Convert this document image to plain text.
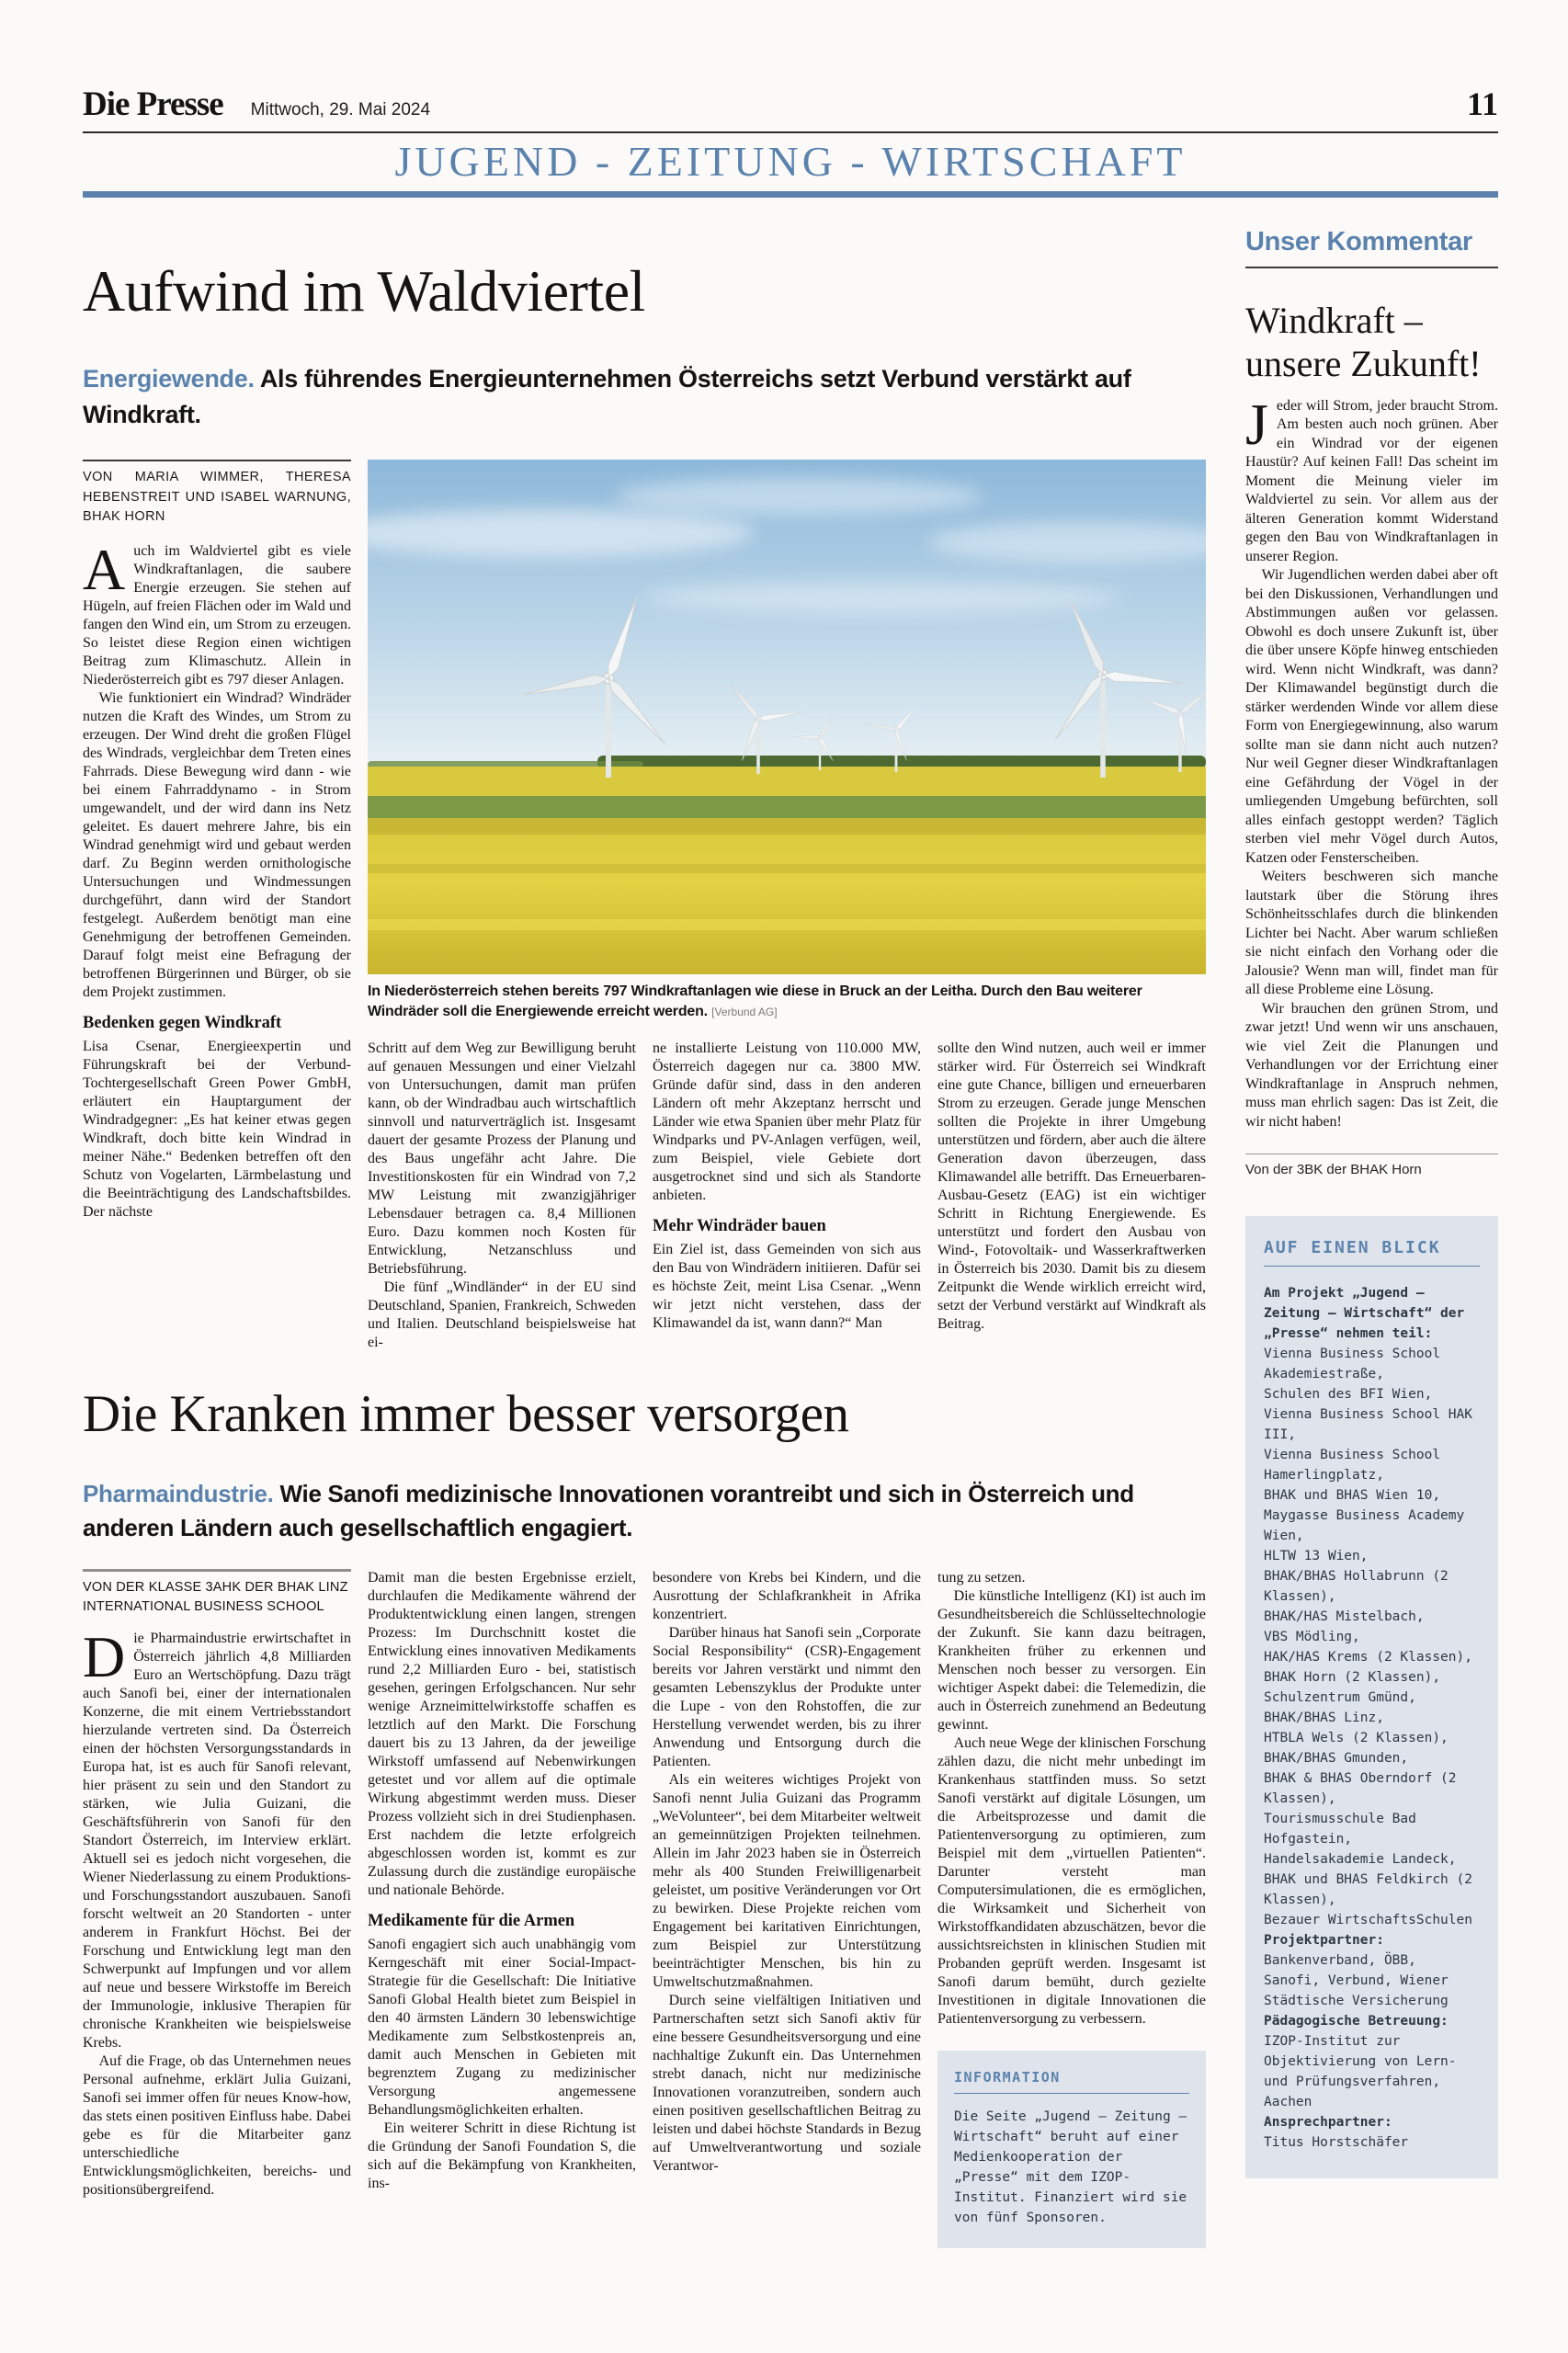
Die Presse Mittwoch, 29. Mai 2024	11
JUGEND - ZEITUNG - WIRTSCHAFT
Aufwind im Waldviertel

Energiewende. Als führendes Energieunternehmen Österreichs setzt Verbund verstärkt auf Windkraft.

VON MARIA WIMMER, THERESA HEBENSTREIT UND ISABEL WARNUNG, BHAK HORN

Auch im Waldviertel gibt es viele Windkraftanlagen, die saubere Energie erzeugen. Sie stehen auf Hügeln, auf freien Flächen oder im Wald und fangen den Wind ein, um Strom zu erzeugen. So leistet diese Region einen wichtigen Beitrag zum Klimaschutz. Allein in Niederösterreich gibt es 797 dieser Anlagen.

Wie funktioniert ein Windrad? Windräder nutzen die Kraft des Windes, um Strom zu erzeugen. Der Wind dreht die großen Flügel des Windrads, vergleichbar dem Treten eines Fahrrads. Diese Bewegung wird dann - wie bei einem Fahrraddynamo - in Strom umgewandelt, und der wird dann ins Netz geleitet. Es dauert mehrere Jahre, bis ein Windrad genehmigt wird und gebaut werden darf. Zu Beginn werden ornithologische Untersuchungen und Windmessungen durchgeführt, dann wird der Standort festgelegt. Außerdem benötigt man eine Genehmigung der betroffenen Gemeinden. Darauf folgt meist eine Befragung der betroffenen Bürgerinnen und Bürger, ob sie dem Projekt zustimmen.

Bedenken gegen Windkraft

Lisa Csenar, Energieexpertin und Führungskraft bei der Verbund-Tochtergesellschaft Green Power GmbH, erläutert ein Hauptargument der Windradgegner: „Es hat keiner etwas gegen Windkraft, doch bitte kein Windrad in meiner Nähe.“ Bedenken betreffen oft den Schutz von Vogelarten, Lärmbelastung und die Beeinträchtigung des Landschaftsbildes. Der nächste

In Niederösterreich stehen bereits 797 Windkraftanlagen wie diese in Bruck an der Leitha. Durch den Bau weiterer Windräder soll die Energiewende erreicht werden. [Verbund AG]

Schritt auf dem Weg zur Bewilligung beruht auf genauen Messungen und einer Vielzahl von Untersuchungen, damit man prüfen kann, ob der Windradbau auch wirtschaftlich sinnvoll und naturverträglich ist. Insgesamt dauert der gesamte Prozess der Planung und des Baus ungefähr acht Jahre. Die Investitionskosten für ein Windrad von 7,2 MW Leistung mit zwanzigjähriger Lebensdauer betragen ca. 8,4 Millionen Euro. Dazu kommen noch Kosten für Entwicklung, Netzanschluss und Betriebsführung.

Die fünf „Windländer“ in der EU sind Deutschland, Spanien, Frankreich, Schweden und Italien. Deutschland beispielsweise hat ei-

ne installierte Leistung von 110.000 MW, Österreich dagegen nur ca. 3800 MW. Gründe dafür sind, dass in den anderen Ländern oft mehr Akzeptanz herrscht und Länder wie etwa Spanien über mehr Platz für Windparks und PV-Anlagen verfügen, weil, zum Beispiel, viele Gebiete dort ausgetrocknet sind und sich als Standorte anbieten.

Mehr Windräder bauen

Ein Ziel ist, dass Gemeinden von sich aus den Bau von Windrädern initiieren. Dafür sei es höchste Zeit, meint Lisa Csenar. „Wenn wir jetzt nicht verstehen, dass der Klimawandel da ist, wann dann?“ Man

sollte den Wind nutzen, auch weil er immer stärker wird. Für Österreich sei Windkraft eine gute Chance, billigen und erneuerbaren Strom zu erzeugen. Gerade junge Menschen sollten die Projekte in ihrer Umgebung unterstützen und fördern, aber auch die ältere Generation davon überzeugen, dass Klimawandel alle betrifft. Das Erneuerbaren-Ausbau-Gesetz (EAG) ist ein wichtiger Schritt in Richtung Energiewende. Es unterstützt und fordert den Ausbau von Wind-, Fotovoltaik- und Wasserkraftwerken in Österreich bis 2030. Damit bis zu diesem Zeitpunkt die Wende wirklich erreicht wird, setzt der Verbund verstärkt auf Windkraft als Beitrag.

Die Kranken immer besser versorgen

Pharmaindustrie. Wie Sanofi medizinische Innovationen vorantreibt und sich in Österreich und anderen Ländern auch gesellschaftlich engagiert.

VON DER KLASSE 3AHK DER BHAK LINZ INTERNATIONAL BUSINESS SCHOOL

Die Pharmaindustrie erwirtschaftet in Österreich jährlich 4,8 Milliarden Euro an Wertschöpfung. Dazu trägt auch Sanofi bei, einer der internationalen Konzerne, die mit einem Vertriebsstandort hierzulande vertreten sind. Da Österreich einen der höchsten Versorgungsstandards in Europa hat, ist es auch für Sanofi relevant, hier präsent zu sein und den Standort zu stärken, wie Julia Guizani, die Geschäftsführerin von Sanofi für den Standort Österreich, im Interview erklärt. Aktuell sei es jedoch nicht vorgesehen, die Wiener Niederlassung zu einem Produktions- und Forschungsstandort auszubauen. Sanofi forscht weltweit an 20 Standorten - unter anderem in Frankfurt Höchst. Bei der Forschung und Entwicklung legt man den Schwerpunkt auf Impfungen und vor allem auf neue und bessere Wirkstoffe im Bereich der Immunologie, inklusive Therapien für chronische Krankheiten wie beispielsweise Krebs.

Auf die Frage, ob das Unternehmen neues Personal aufnehme, erklärt Julia Guizani, Sanofi sei immer offen für neues Know-how, das stets einen positiven Einfluss habe. Dabei gebe es für die Mitarbeiter ganz unterschiedliche Entwicklungsmöglichkeiten, bereichs- und positionsübergreifend.

Damit man die besten Ergebnisse erzielt, durchlaufen die Medikamente während der Produktentwicklung einen langen, strengen Prozess: Im Durchschnitt kostet die Entwicklung eines innovativen Medikaments rund 2,2 Milliarden Euro - bei, statistisch gesehen, geringen Erfolgschancen. Nur sehr wenige Arzneimittelwirkstoffe schaffen es letztlich auf den Markt. Die Forschung dauert bis zu 13 Jahren, da der jeweilige Wirkstoff umfassend auf Nebenwirkungen getestet und vor allem auf die optimale Wirkung abgestimmt werden muss. Dieser Prozess vollzieht sich in drei Studienphasen. Erst nachdem die letzte erfolgreich abgeschlossen worden ist, kommt es zur Zulassung durch die zuständige europäische und nationale Behörde.

Medikamente für die Armen

Sanofi engagiert sich auch unabhängig vom Kerngeschäft mit einer Social-Impact-Strategie für die Gesellschaft: Die Initiative Sanofi Global Health bietet zum Beispiel in den 40 ärmsten Ländern 30 lebenswichtige Medikamente zum Selbstkostenpreis an, damit auch Menschen in Gebieten mit begrenztem Zugang zu medizinischer Versorgung angemessene Behandlungsmöglichkeiten erhalten.

Ein weiterer Schritt in diese Richtung ist die Gründung der Sanofi Foundation S, die sich auf die Bekämpfung von Krankheiten, ins-

besondere von Krebs bei Kindern, und die Ausrottung der Schlafkrankheit in Afrika konzentriert.

Darüber hinaus hat Sanofi sein „Corporate Social Responsibility“ (CSR)-Engagement bereits vor Jahren verstärkt und nimmt den gesamten Lebenszyklus der Produkte unter die Lupe - von den Rohstoffen, die zur Herstellung verwendet werden, bis zu ihrer Anwendung und Entsorgung durch die Patienten.

Als ein weiteres wichtiges Projekt von Sanofi nennt Julia Guizani das Programm „WeVolunteer“, bei dem Mitarbeiter weltweit an gemeinnützigen Projekten teilnehmen. Allein im Jahr 2023 haben sie in Österreich mehr als 400 Stunden Freiwilligenarbeit geleistet, um positive Veränderungen vor Ort zu bewirken. Diese Projekte reichen vom Engagement bei karitativen Einrichtungen, zum Beispiel zur Unterstützung beeinträchtigter Menschen, bis hin zu Umweltschutzmaßnahmen.

Durch seine vielfältigen Initiativen und Partnerschaften setzt sich Sanofi aktiv für eine bessere Gesundheitsversorgung und eine nachhaltige Zukunft ein. Das Unternehmen strebt danach, nicht nur medizinische Innovationen voranzutreiben, sondern auch einen positiven gesellschaftlichen Beitrag zu leisten und dabei höchste Standards in Bezug auf Umweltverantwortung und soziale Verantwor-

tung zu setzen.

Die künstliche Intelligenz (KI) ist auch im Gesundheitsbereich die Schlüsseltechnologie der Zukunft. Sie kann dazu beitragen, Krankheiten früher zu erkennen und Menschen noch besser zu versorgen. Ein wichtiger Aspekt dabei: die Telemedizin, die auch in Österreich zunehmend an Bedeutung gewinnt.

Auch neue Wege der klinischen Forschung zählen dazu, die nicht mehr unbedingt im Krankenhaus stattfinden muss. So setzt Sanofi verstärkt auf digitale Lösungen, um die Arbeitsprozesse und damit die Patientenversorgung zu optimieren, zum Beispiel mit dem „virtuellen Patienten“. Darunter versteht man Computersimulationen, die es ermöglichen, die Wirksamkeit und Sicherheit von Wirkstoffkandidaten abzuschätzen, bevor die aussichtsreichsten in klinischen Studien mit Probanden geprüft werden. Insgesamt ist Sanofi darum bemüht, durch gezielte Investitionen in digitale Innovationen die Patientenversorgung zu verbessern.

INFORMATION
Die Seite „Jugend – Zeitung – Wirtschaft“ beruht auf einer Medienkooperation der „Presse“ mit dem IZOP-Institut. Finanziert wird sie von fünf Sponsoren.
Unser Kommentar
Windkraft – unsere Zukunft!

Jeder will Strom, jeder braucht Strom. Am besten auch noch grünen. Aber ein Windrad vor der eigenen Haustür? Auf keinen Fall! Das scheint im Moment die Meinung vieler im Waldviertel zu sein. Vor allem aus der älteren Generation kommt Widerstand gegen den Bau von Windkraftanlagen in unserer Region.

Wir Jugendlichen werden dabei aber oft bei den Diskussionen, Verhandlungen und Abstimmungen außen vor gelassen. Obwohl es doch unsere Zukunft ist, über die über unsere Köpfe hinweg entschieden wird. Wenn nicht Windkraft, was dann? Der Klimawandel begünstigt durch die stärker werdenden Winde vor allem diese Form von Energiegewinnung, also warum sollte man sie dann nicht auch nutzen? Nur weil Gegner dieser Windkraftanlagen eine Gefährdung der Vögel in der umliegenden Umgebung befürchten, soll alles einfach gestoppt werden? Täglich sterben viel mehr Vögel durch Autos, Katzen oder Fensterscheiben.

Weiters beschweren sich manche lautstark über die Störung ihres Schönheitsschlafes durch die blinkenden Lichter bei Nacht. Aber warum schließen sie nicht einfach den Vorhang oder die Jalousie? Wenn man will, findet man für all diese Probleme eine Lösung.

Wir brauchen den grünen Strom, und zwar jetzt! Und wenn wir uns anschauen, wie viel Zeit die Planungen und Verhandlungen vor der Errichtung einer Windkraftanlage in Anspruch nehmen, muss man ehrlich sagen: Das ist Zeit, die wir nicht haben!

Von der 3BK der BHAK Horn
AUF EINEN BLICK
Am Projekt „Jugend – Zeitung – Wirtschaft“ der „Presse“ nehmen teil:
Vienna Business School Akademiestraße,
Schulen des BFI Wien,
Vienna Business School HAK III,
Vienna Business School Hamerlingplatz,
BHAK und BHAS Wien 10,
Maygasse Business Academy Wien,
HLTW 13 Wien,
BHAK/BHAS Hollabrunn (2 Klassen),
BHAK/HAS Mistelbach,
VBS Mödling,
HAK/HAS Krems (2 Klassen),
BHAK Horn (2 Klassen),
Schulzentrum Gmünd,
BHAK/BHAS Linz,
HTBLA Wels (2 Klassen),
BHAK/BHAS Gmunden,
BHAK & BHAS Oberndorf (2 Klassen),
Tourismusschule Bad Hofgastein,
Handelsakademie Landeck,
BHAK und BHAS Feldkirch (2 Klassen),
Bezauer WirtschaftsSchulen
Projektpartner:
Bankenverband, ÖBB, Sanofi, Verbund, Wiener Städtische Versicherung
Pädagogische Betreuung:
IZOP-Institut zur Objektivierung von Lern- und Prüfungsverfahren, Aachen
Ansprechpartner:
Titus Horstschäfer
